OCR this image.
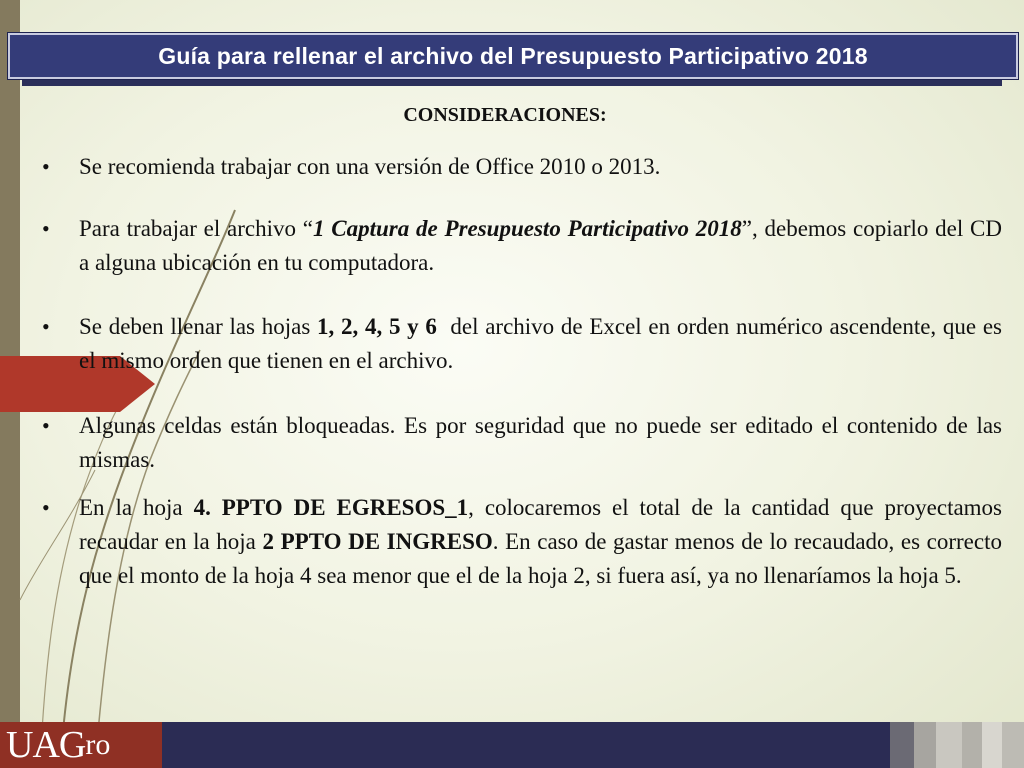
Guía para rellenar el archivo del Presupuesto Participativo 2018
CONSIDERACIONES:
• Se recomienda trabajar con una versión de Office 2010 o 2013.
• Para trabajar el archivo “1 Captura de Presupuesto Participativo 2018”, debemos copiarlo del CD a alguna ubicación en tu computadora.
• Se deben llenar las hojas 1, 2, 4, 5 y 6  del archivo de Excel en orden numérico ascendente, que es el mismo orden que tienen en el archivo.
• Algunas celdas están bloqueadas. Es por seguridad que no puede ser editado el contenido de las mismas.
• En la hoja 4. PPTO DE EGRESOS_1, colocaremos el total de la cantidad que proyectamos recaudar en la hoja 2 PPTO DE INGRESO. En caso de gastar menos de lo recaudado, es correcto que el monto de la hoja 4 sea menor que el de la hoja 2, si fuera así, ya no llenaríamos la hoja 5.
UAG ro
